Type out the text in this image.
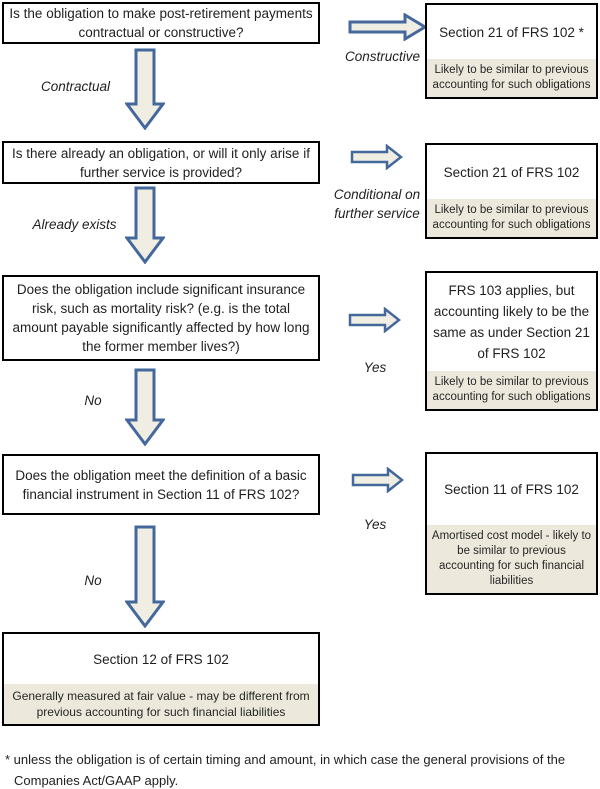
Is the obligation to make post-retirement payments contractual or constructive?
Constructive
Section 21 of FRS 102 *
Likely to be similar to previous accounting for such obligations
Contractual
Is there already an obligation, or will it only arise if further service is provided?
Conditional on further service
Section 21 of FRS 102
Likely to be similar to previous accounting for such obligations
Already exists
Does the obligation include significant insurance risk, such as mortality risk? (e.g. is the total amount payable significantly affected by how long the former member lives?)
Yes
FRS 103 applies, but accounting likely to be the same as under Section 21 of FRS 102
Likely to be similar to previous accounting for such obligations
No
Does the obligation meet the definition of a basic financial instrument in Section 11 of FRS 102?
Yes
Section 11 of FRS 102
Amortised cost model - likely to be similar to previous accounting for such financial liabilities
No
Section 12 of FRS 102
Generally measured at fair value - may be different from previous accounting for such financial liabilities
* unless the obligation is of certain timing and amount, in which case the general provisions of the Companies Act/GAAP apply.
